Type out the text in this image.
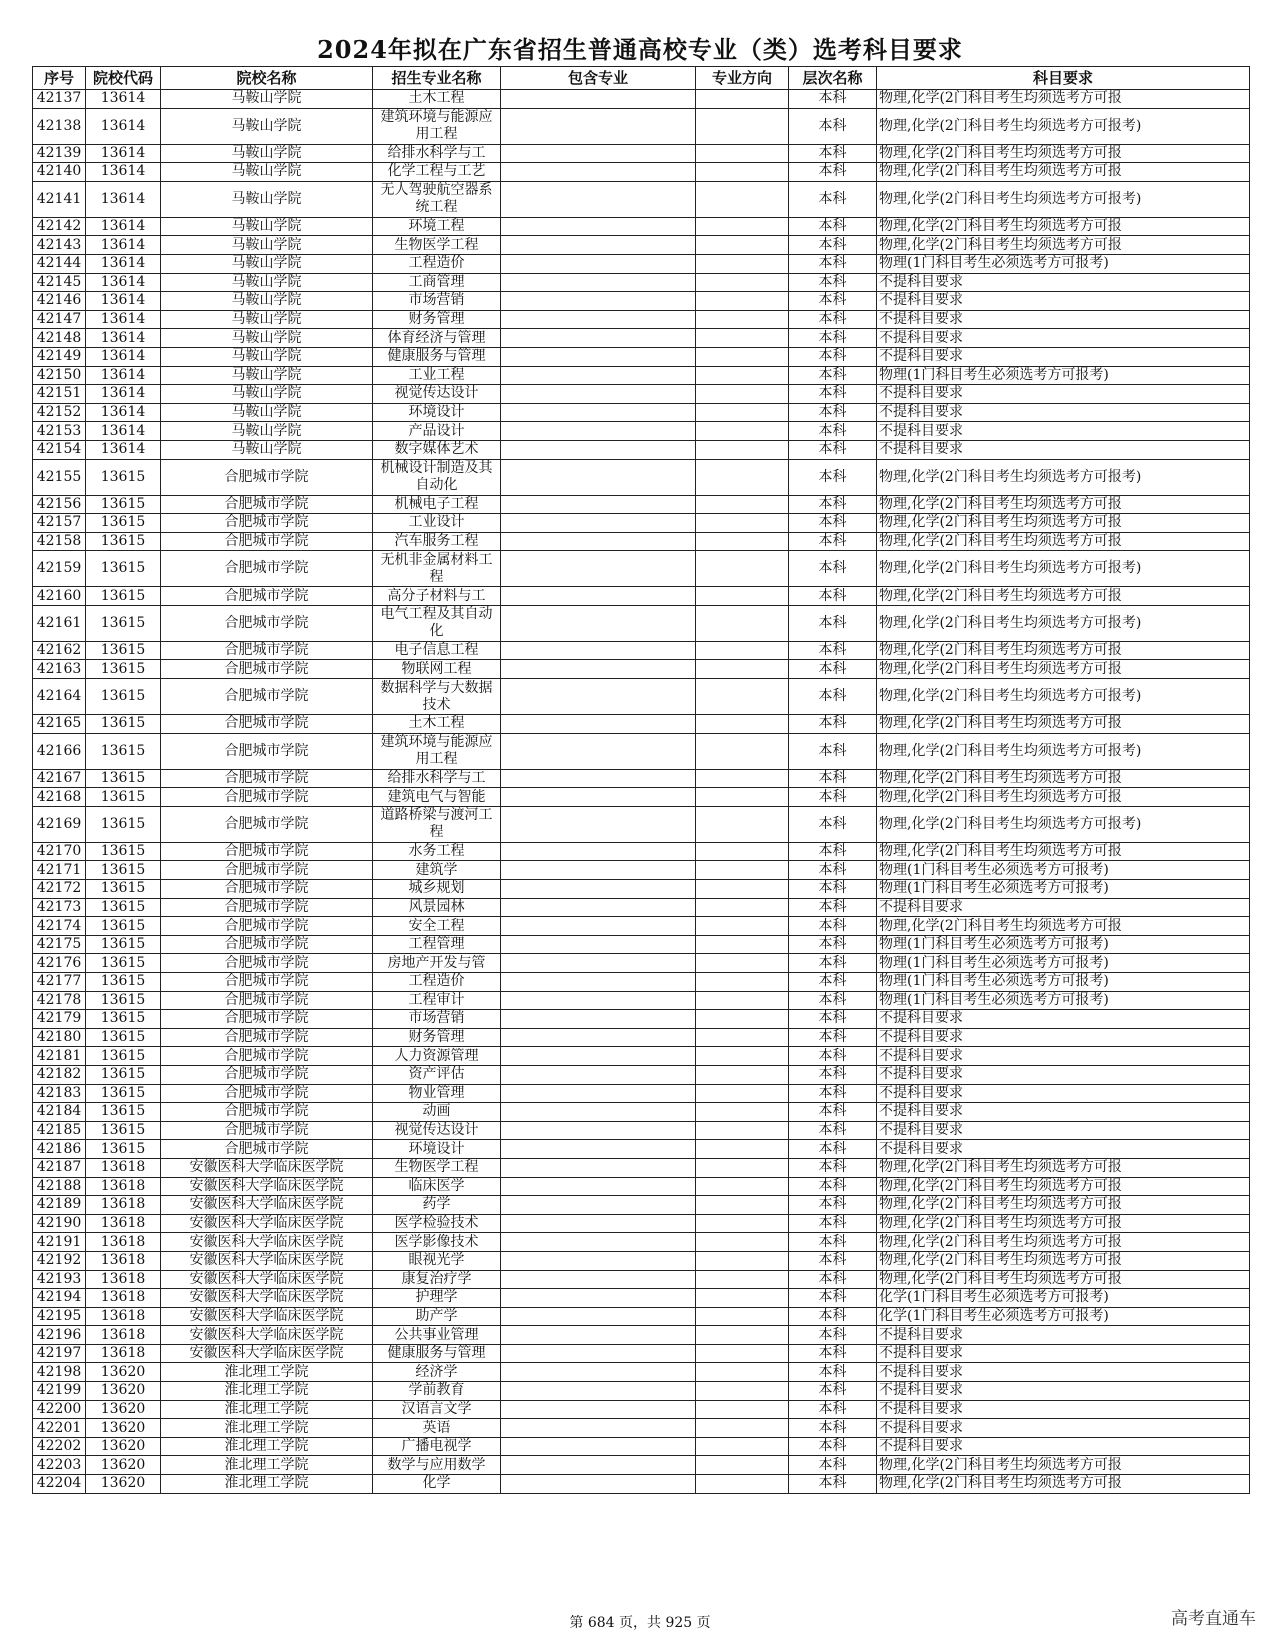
2024年拟在广东省招生普通高校专业（类）选考科目要求
序号	院校代码	院校名称	招生专业名称	包含专业	专业方向	层次名称	科目要求
42137	13614	马鞍山学院	土木工程			本科	物理,化学(2门科目考生均须选考方可报
42138	13614	马鞍山学院	建筑环境与能源应用工程			本科	物理,化学(2门科目考生均须选考方可报考)
42139	13614	马鞍山学院	给排水科学与工			本科	物理,化学(2门科目考生均须选考方可报
42140	13614	马鞍山学院	化学工程与工艺			本科	物理,化学(2门科目考生均须选考方可报
42141	13614	马鞍山学院	无人驾驶航空器系统工程			本科	物理,化学(2门科目考生均须选考方可报考)
42142	13614	马鞍山学院	环境工程			本科	物理,化学(2门科目考生均须选考方可报
42143	13614	马鞍山学院	生物医学工程			本科	物理,化学(2门科目考生均须选考方可报
42144	13614	马鞍山学院	工程造价			本科	物理(1门科目考生必须选考方可报考)
42145	13614	马鞍山学院	工商管理			本科	不提科目要求
42146	13614	马鞍山学院	市场营销			本科	不提科目要求
42147	13614	马鞍山学院	财务管理			本科	不提科目要求
42148	13614	马鞍山学院	体育经济与管理			本科	不提科目要求
42149	13614	马鞍山学院	健康服务与管理			本科	不提科目要求
42150	13614	马鞍山学院	工业工程			本科	物理(1门科目考生必须选考方可报考)
42151	13614	马鞍山学院	视觉传达设计			本科	不提科目要求
42152	13614	马鞍山学院	环境设计			本科	不提科目要求
42153	13614	马鞍山学院	产品设计			本科	不提科目要求
42154	13614	马鞍山学院	数字媒体艺术			本科	不提科目要求
42155	13615	合肥城市学院	机械设计制造及其自动化			本科	物理,化学(2门科目考生均须选考方可报考)
42156	13615	合肥城市学院	机械电子工程			本科	物理,化学(2门科目考生均须选考方可报
42157	13615	合肥城市学院	工业设计			本科	物理,化学(2门科目考生均须选考方可报
42158	13615	合肥城市学院	汽车服务工程			本科	物理,化学(2门科目考生均须选考方可报
42159	13615	合肥城市学院	无机非金属材料工程			本科	物理,化学(2门科目考生均须选考方可报考)
42160	13615	合肥城市学院	高分子材料与工			本科	物理,化学(2门科目考生均须选考方可报
42161	13615	合肥城市学院	电气工程及其自动化			本科	物理,化学(2门科目考生均须选考方可报考)
42162	13615	合肥城市学院	电子信息工程			本科	物理,化学(2门科目考生均须选考方可报
42163	13615	合肥城市学院	物联网工程			本科	物理,化学(2门科目考生均须选考方可报
42164	13615	合肥城市学院	数据科学与大数据技术			本科	物理,化学(2门科目考生均须选考方可报考)
42165	13615	合肥城市学院	土木工程			本科	物理,化学(2门科目考生均须选考方可报
42166	13615	合肥城市学院	建筑环境与能源应用工程			本科	物理,化学(2门科目考生均须选考方可报考)
42167	13615	合肥城市学院	给排水科学与工			本科	物理,化学(2门科目考生均须选考方可报
42168	13615	合肥城市学院	建筑电气与智能			本科	物理,化学(2门科目考生均须选考方可报
42169	13615	合肥城市学院	道路桥梁与渡河工程			本科	物理,化学(2门科目考生均须选考方可报考)
42170	13615	合肥城市学院	水务工程			本科	物理,化学(2门科目考生均须选考方可报
42171	13615	合肥城市学院	建筑学			本科	物理(1门科目考生必须选考方可报考)
42172	13615	合肥城市学院	城乡规划			本科	物理(1门科目考生必须选考方可报考)
42173	13615	合肥城市学院	风景园林			本科	不提科目要求
42174	13615	合肥城市学院	安全工程			本科	物理,化学(2门科目考生均须选考方可报
42175	13615	合肥城市学院	工程管理			本科	物理(1门科目考生必须选考方可报考)
42176	13615	合肥城市学院	房地产开发与管			本科	物理(1门科目考生必须选考方可报考)
42177	13615	合肥城市学院	工程造价			本科	物理(1门科目考生必须选考方可报考)
42178	13615	合肥城市学院	工程审计			本科	物理(1门科目考生必须选考方可报考)
42179	13615	合肥城市学院	市场营销			本科	不提科目要求
42180	13615	合肥城市学院	财务管理			本科	不提科目要求
42181	13615	合肥城市学院	人力资源管理			本科	不提科目要求
42182	13615	合肥城市学院	资产评估			本科	不提科目要求
42183	13615	合肥城市学院	物业管理			本科	不提科目要求
42184	13615	合肥城市学院	动画			本科	不提科目要求
42185	13615	合肥城市学院	视觉传达设计			本科	不提科目要求
42186	13615	合肥城市学院	环境设计			本科	不提科目要求
42187	13618	安徽医科大学临床医学院	生物医学工程			本科	物理,化学(2门科目考生均须选考方可报
42188	13618	安徽医科大学临床医学院	临床医学			本科	物理,化学(2门科目考生均须选考方可报
42189	13618	安徽医科大学临床医学院	药学			本科	物理,化学(2门科目考生均须选考方可报
42190	13618	安徽医科大学临床医学院	医学检验技术			本科	物理,化学(2门科目考生均须选考方可报
42191	13618	安徽医科大学临床医学院	医学影像技术			本科	物理,化学(2门科目考生均须选考方可报
42192	13618	安徽医科大学临床医学院	眼视光学			本科	物理,化学(2门科目考生均须选考方可报
42193	13618	安徽医科大学临床医学院	康复治疗学			本科	物理,化学(2门科目考生均须选考方可报
42194	13618	安徽医科大学临床医学院	护理学			本科	化学(1门科目考生必须选考方可报考)
42195	13618	安徽医科大学临床医学院	助产学			本科	化学(1门科目考生必须选考方可报考)
42196	13618	安徽医科大学临床医学院	公共事业管理			本科	不提科目要求
42197	13618	安徽医科大学临床医学院	健康服务与管理			本科	不提科目要求
42198	13620	淮北理工学院	经济学			本科	不提科目要求
42199	13620	淮北理工学院	学前教育			本科	不提科目要求
42200	13620	淮北理工学院	汉语言文学			本科	不提科目要求
42201	13620	淮北理工学院	英语			本科	不提科目要求
42202	13620	淮北理工学院	广播电视学			本科	不提科目要求
42203	13620	淮北理工学院	数学与应用数学			本科	物理,化学(2门科目考生均须选考方可报
42204	13620	淮北理工学院	化学			本科	物理,化学(2门科目考生均须选考方可报
第 684 页，共 925 页	高考直通车
